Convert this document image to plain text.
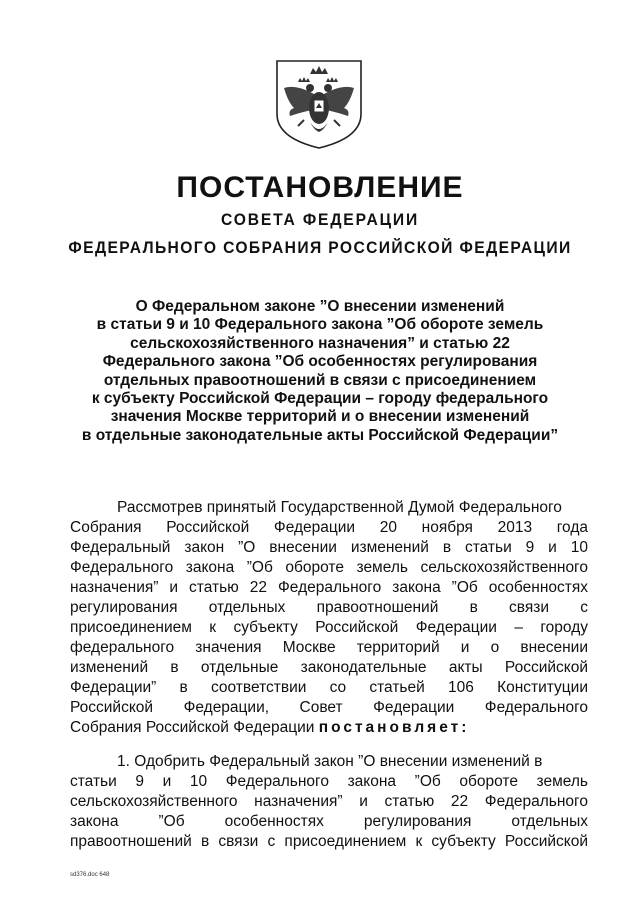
ПОСТАНОВЛЕНИЕ
СОВЕТА ФЕДЕРАЦИИ
ФЕДЕРАЛЬНОГО СОБРАНИЯ РОССИЙСКОЙ ФЕДЕРАЦИИ
О Федеральном законе ”О внесении изменений
в статьи 9 и 10 Федерального закона ”Об обороте земель
сельскохозяйственного назначения” и статью 22
Федерального закона ”Об особенностях регулирования
отдельных правоотношений в связи с присоединением
к субъекту Российской Федерации – городу федерального
значения Москве территорий и о внесении изменений
в отдельные законодательные акты Российской Федерации”
Рассмотрев принятый Государственной Думой Федерального
Собрания Российской Федерации 20 ноября 2013 года
Федеральный закон ”О внесении изменений в статьи 9 и 10
Федерального закона ”Об обороте земель сельскохозяйственного
назначения” и статью 22 Федерального закона ”Об особенностях
регулирования отдельных правоотношений в связи с
присоединением к субъекту Российской Федерации – городу
федерального значения Москве территорий и о внесении
изменений в отдельные законодательные акты Российской
Федерации” в соответствии со статьей 106 Конституции
Российской Федерации, Совет Федерации Федерального
Собрания Российской Федерации постановляет:
1. Одобрить Федеральный закон ”О внесении изменений в
статьи 9 и 10 Федерального закона ”Об обороте земель
сельскохозяйственного назначения” и статью 22 Федерального
закона ”Об особенностях регулирования отдельных
правоотношений в связи с присоединением к субъекту Российской
sd376.doc 648
